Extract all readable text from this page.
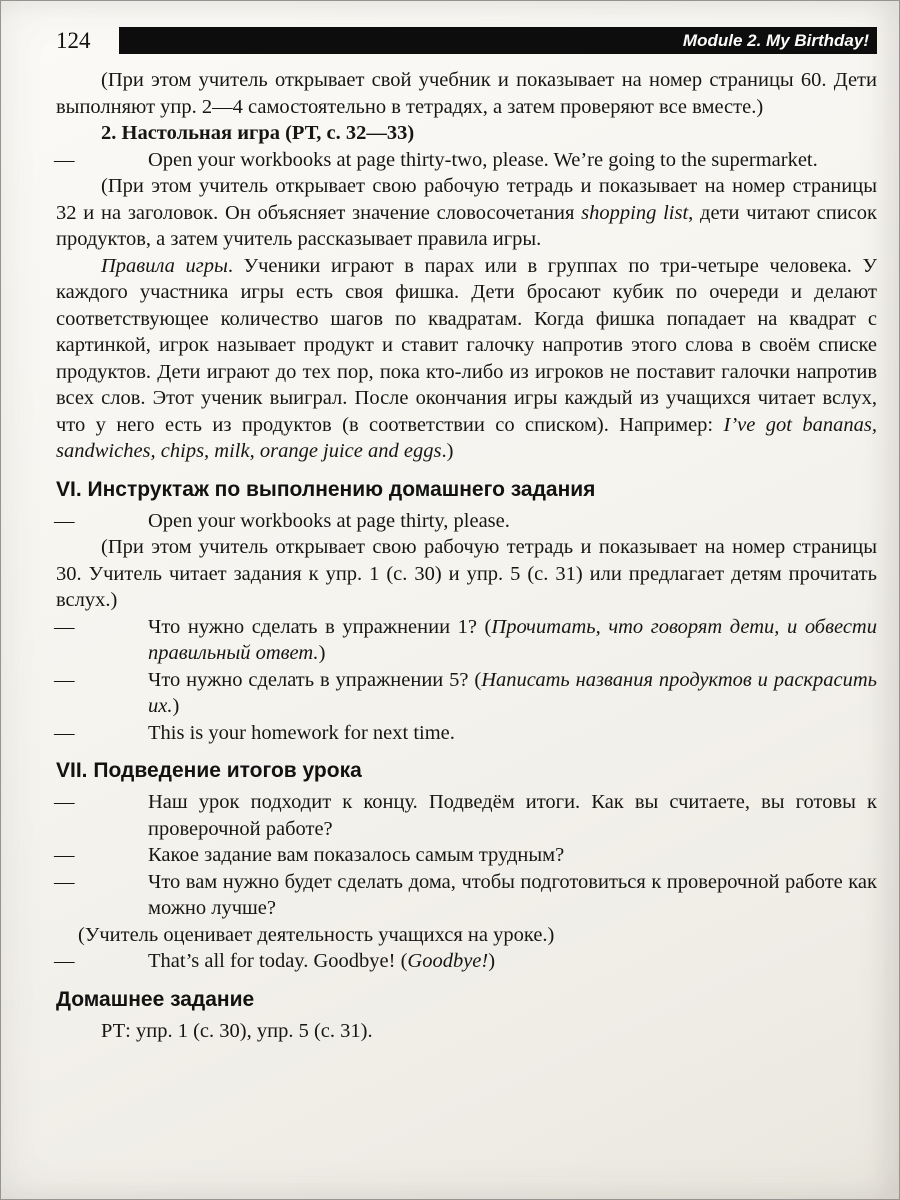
124	Module 2. My Birthday!

(При этом учитель открывает свой учебник и показывает на номер страницы 60. Дети выполняют упр. 2—4 самостоятельно в тетрадях, а затем проверяют все вместе.)

2. Настольная игра (РТ, с. 32—33)

—	Open your workbooks at page thirty-two, please. We’re going to the supermarket.

(При этом учитель открывает свою рабочую тетрадь и показывает на номер страницы 32 и на заголовок. Он объясняет значение словосочетания shopping list, дети читают список продуктов, а затем учитель рассказывает правила игры.

Правила игры. Ученики играют в парах или в группах по три-четыре человека. У каждого участника игры есть своя фишка. Дети бросают кубик по очереди и делают соответствующее количество шагов по квадратам. Когда фишка попадает на квадрат с картинкой, игрок называет продукт и ставит галочку напротив этого слова в своём списке продуктов. Дети играют до тех пор, пока кто-либо из игроков не поставит галочки напротив всех слов. Этот ученик выиграл. После окончания игры каждый из учащихся читает вслух, что у него есть из продуктов (в соответствии со списком). Например: I’ve got bananas, sandwiches, chips, milk, orange juice and eggs.)

VI. Инструктаж по выполнению домашнего задания

—	Open your workbooks at page thirty, please.

(При этом учитель открывает свою рабочую тетрадь и показывает на номер страницы 30. Учитель читает задания к упр. 1 (с. 30) и упр. 5 (с. 31) или предлагает детям прочитать вслух.)

—	Что нужно сделать в упражнении 1? (Прочитать, что говорят дети, и обвести правильный ответ.)

—	Что нужно сделать в упражнении 5? (Написать названия продуктов и раскрасить их.)

—	This is your homework for next time.

VII. Подведение итогов урока

—	Наш урок подходит к концу. Подведём итоги. Как вы считаете, вы готовы к проверочной работе?

—	Какое задание вам показалось самым трудным?

—	Что вам нужно будет сделать дома, чтобы подготовиться к проверочной работе как можно лучше?

(Учитель оценивает деятельность учащихся на уроке.)

—	That’s all for today. Goodbye! (Goodbye!)

Домашнее задание

РТ: упр. 1 (с. 30), упр. 5 (с. 31).
